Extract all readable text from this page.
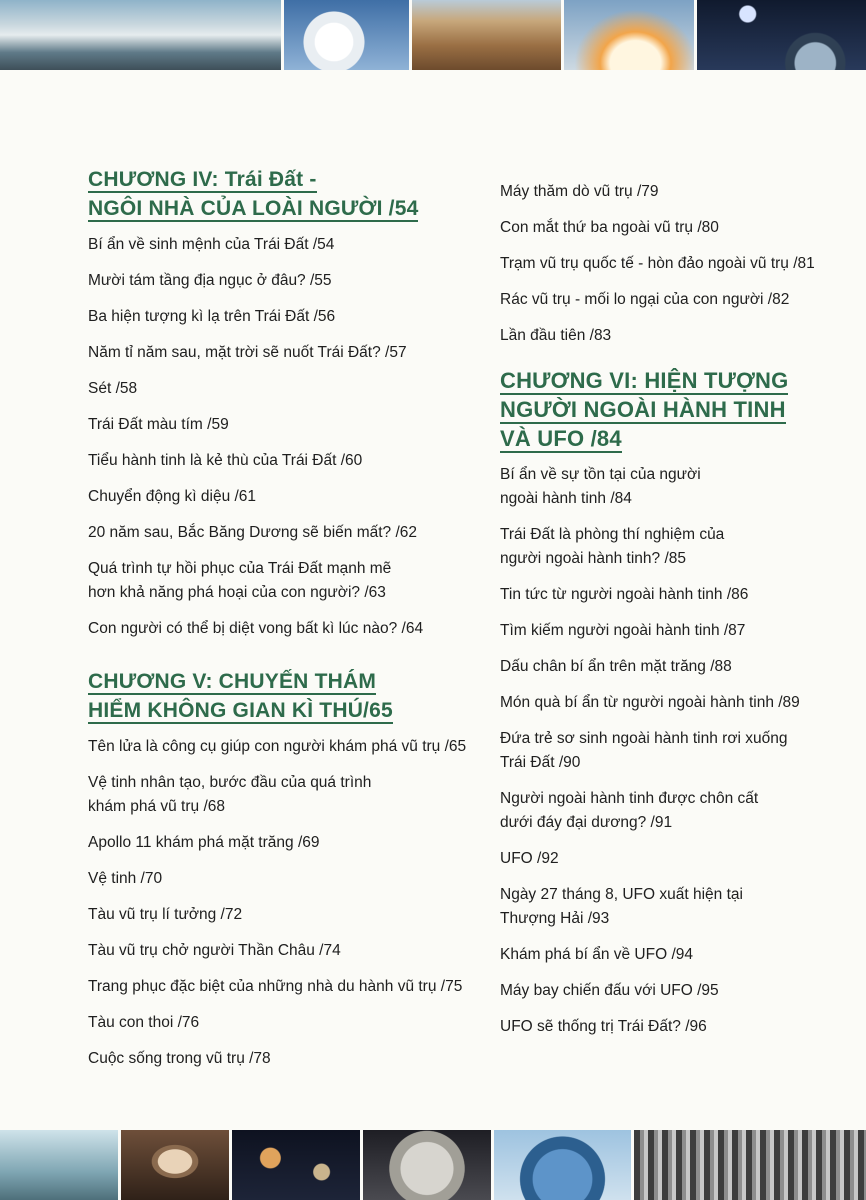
CHƯƠNG IV: Trái Đất -
NGÔI NHÀ CỦA LOÀI NGƯỜI /54
Bí ẩn về sinh mệnh của Trái Đất /54
Mười tám tầng địa ngục ở đâu? /55
Ba hiện tượng kì lạ trên Trái Đất /56
Năm tỉ năm sau, mặt trời sẽ nuốt Trái Đất? /57
Sét /58
Trái Đất màu tím /59
Tiểu hành tinh là kẻ thù của Trái Đất /60
Chuyển động kì diệu /61
20 năm sau, Bắc Băng Dương sẽ biến mất? /62
Quá trình tự hồi phục của Trái Đất mạnh mẽ
hơn khả năng phá hoại của con người? /63
Con người có thể bị diệt vong bất kì lúc nào? /64
CHƯƠNG V: CHUYẾN THÁM
HIỂM KHÔNG GIAN KÌ THÚ/65
Tên lửa là công cụ giúp con người khám phá vũ trụ /65
Vệ tinh nhân tạo, bước đầu của quá trình
khám phá vũ trụ /68
Apollo 11 khám phá mặt trăng /69
Vệ tinh /70
Tàu vũ trụ lí tưởng /72
Tàu vũ trụ chở người Thần Châu /74
Trang phục đặc biệt của những nhà du hành vũ trụ /75
Tàu con thoi /76
Cuộc sống trong vũ trụ /78
Máy thăm dò vũ trụ /79
Con mắt thứ ba ngoài vũ trụ /80
Trạm vũ trụ quốc tế - hòn đảo ngoài vũ trụ /81
Rác vũ trụ - mối lo ngại của con người /82
Lần đầu tiên /83
CHƯƠNG VI: HIỆN TƯỢNG
NGƯỜI NGOÀI HÀNH TINH
VÀ UFO /84
Bí ẩn về sự tồn tại của người
ngoài hành tinh /84
Trái Đất là phòng thí nghiệm của
người ngoài hành tinh? /85
Tin tức từ người ngoài hành tinh /86
Tìm kiếm người ngoài hành tinh /87
Dấu chân bí ẩn trên mặt trăng /88
Món quà bí ẩn từ người ngoài hành tinh /89
Đứa trẻ sơ sinh ngoài hành tinh rơi xuống
Trái Đất /90
Người ngoài hành tinh được chôn cất
dưới đáy đại dương? /91
UFO /92
Ngày 27 tháng 8, UFO xuất hiện tại
Thượng Hải /93
Khám phá bí ẩn về UFO /94
Máy bay chiến đấu với UFO /95
UFO sẽ thống trị Trái Đất? /96
